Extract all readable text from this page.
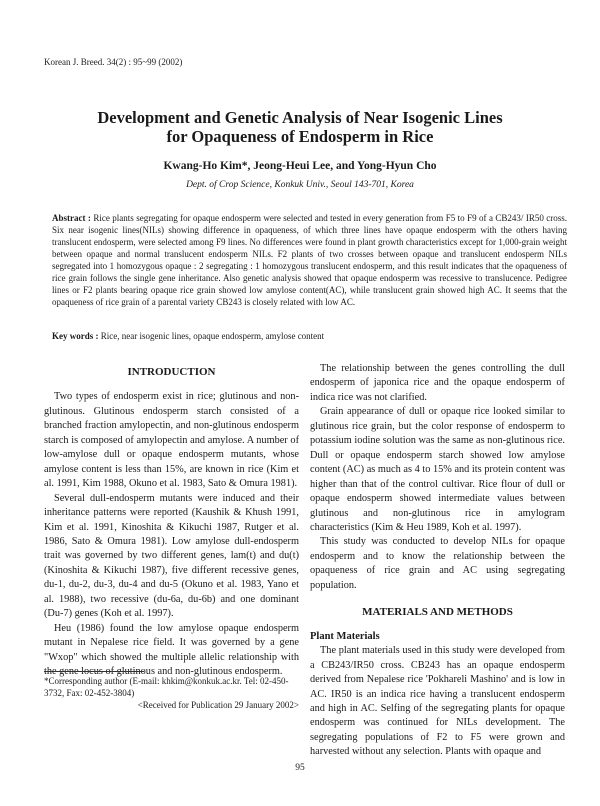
Korean J. Breed. 34(2) : 95~99 (2002)
Development and Genetic Analysis of Near Isogenic Lines
for Opaqueness of Endosperm in Rice
Kwang-Ho Kim*, Jeong-Heui Lee, and Yong-Hyun Cho
Dept. of Crop Science, Konkuk Univ., Seoul 143-701, Korea
Abstract : Rice plants segregating for opaque endosperm were selected and tested in every generation from F5 to F9 of a CB243/ IR50 cross. Six near isogenic lines(NILs) showing difference in opaqueness, of which three lines have opaque endosperm with the others having translucent endosperm, were selected among F9 lines. No differences were found in plant growth characteristics except for 1,000-grain weight between opaque and normal translucent endosperm NILs. F2 plants of two crosses between opaque and translucent endosperm NILs segregated into 1 homozygous opaque : 2 segregating : 1 homozygous translucent endosperm, and this result indicates that the opaqueness of rice grain follows the single gene inheritance. Also genetic analysis showed that opaque endosperm was recessive to translucence. Pedigree lines or F2 plants bearing opaque rice grain showed low amylose content(AC), while translucent grain showed high AC. It seems that the opaqueness of rice grain of a parental variety CB243 is closely related with low AC.
Key words : Rice, near isogenic lines, opaque endosperm, amylose content
INTRODUCTION

Two types of endosperm exist in rice; glutinous and non-glutinous. Glutinous endosperm starch consisted of a branched fraction amylopectin, and non-glutinous endosperm starch is composed of amylopectin and amylose. A number of low-amylose dull or opaque endosperm mutants, whose amylose content is less than 15%, are known in rice (Kim et al. 1991, Kim 1988, Okuno et al. 1983, Sato & Omura 1981).

Several dull-endosperm mutants were induced and their inheritance patterns were reported (Kaushik & Khush 1991, Kim et al. 1991, Kinoshita & Kikuchi 1987, Rutger et al. 1986, Sato & Omura 1981). Low amylose dull-endosperm trait was governed by two different genes, lam(t) and du(t) (Kinoshita & Kikuchi 1987), five different recessive genes, du-1, du-2, du-3, du-4 and du-5 (Okuno et al. 1983, Yano et al. 1988), two recessive (du-6a, du-6b) and one dominant (Du-7) genes (Koh et al. 1997).

Heu (1986) found the low amylose opaque endosperm mutant in Nepalese rice field. It was governed by a gene "Wxop" which showed the multiple allelic relationship with the gene locus of glutinous and non-glutinous endosperm.

*Corresponding author (E-mail: khkim@konkuk.ac.kr. Tel: 02-450-3732, Fax: 02-452-3804)

<Received for Publication 29 January 2002>

The relationship between the genes controlling the dull endosperm of japonica rice and the opaque endosperm of indica rice was not clarified.

Grain appearance of dull or opaque rice looked similar to glutinous rice grain, but the color response of endosperm to potassium iodine solution was the same as non-glutinous rice. Dull or opaque endosperm starch showed low amylose content (AC) as much as 4 to 15% and its protein content was higher than that of the control cultivar. Rice flour of dull or opaque endosperm showed intermediate values between glutinous and non-glutinous rice in amylogram characteristics (Kim & Heu 1989, Koh et al. 1997).

This study was conducted to develop NILs for opaque endosperm and to know the relationship between the opaqueness of rice grain and AC using segregating population.

MATERIALS AND METHODS
Plant Materials

The plant materials used in this study were developed from a CB243/IR50 cross. CB243 has an opaque endosperm derived from Nepalese rice 'Pokhareli Mashino' and is low in AC. IR50 is an indica rice having a translucent endosperm and high in AC. Selfing of the segregating plants for opaque endosperm was continued for NILs development. The segregating populations of F2 to F5 were grown and harvested without any selection. Plants with opaque and

95
